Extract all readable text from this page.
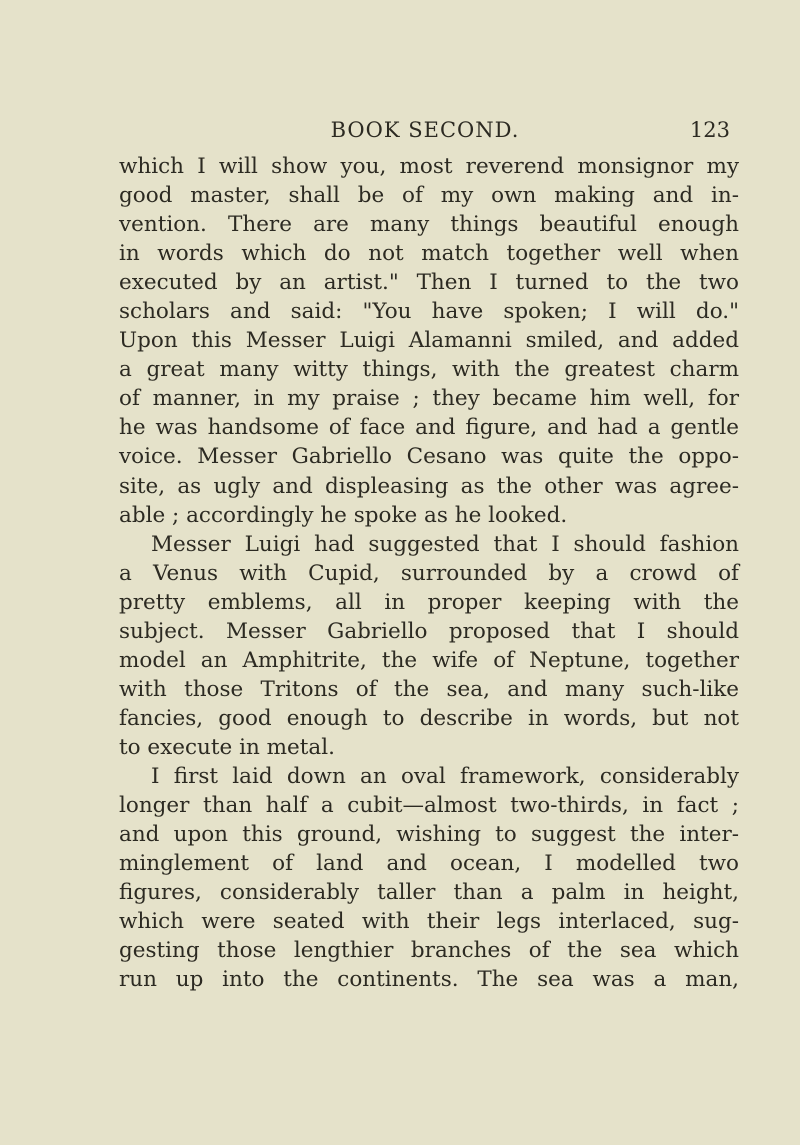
BOOK SECOND.	123
which I will show you, most reverend monsignor my
good master, shall be of my own making and in-
vention. There are many things beautiful enough
in words which do not match together well when
executed by an artist." Then I turned to the two
scholars and said: "You have spoken; I will do."
Upon this Messer Luigi Alamanni smiled, and added
a great many witty things, with the greatest charm
of manner, in my praise ; they became him well, for
he was handsome of face and figure, and had a gentle
voice. Messer Gabriello Cesano was quite the oppo-
site, as ugly and displeasing as the other was agree-
able ; accordingly he spoke as he looked.
Messer Luigi had suggested that I should fashion
a Venus with Cupid, surrounded by a crowd of
pretty emblems, all in proper keeping with the
subject. Messer Gabriello proposed that I should
model an Amphitrite, the wife of Neptune, together
with those Tritons of the sea, and many such-like
fancies, good enough to describe in words, but not
to execute in metal.
I first laid down an oval framework, considerably
longer than half a cubit—almost two-thirds, in fact ;
and upon this ground, wishing to suggest the inter-
minglement of land and ocean, I modelled two
figures, considerably taller than a palm in height,
which were seated with their legs interlaced, sug-
gesting those lengthier branches of the sea which
run up into the continents. The sea was a man,
